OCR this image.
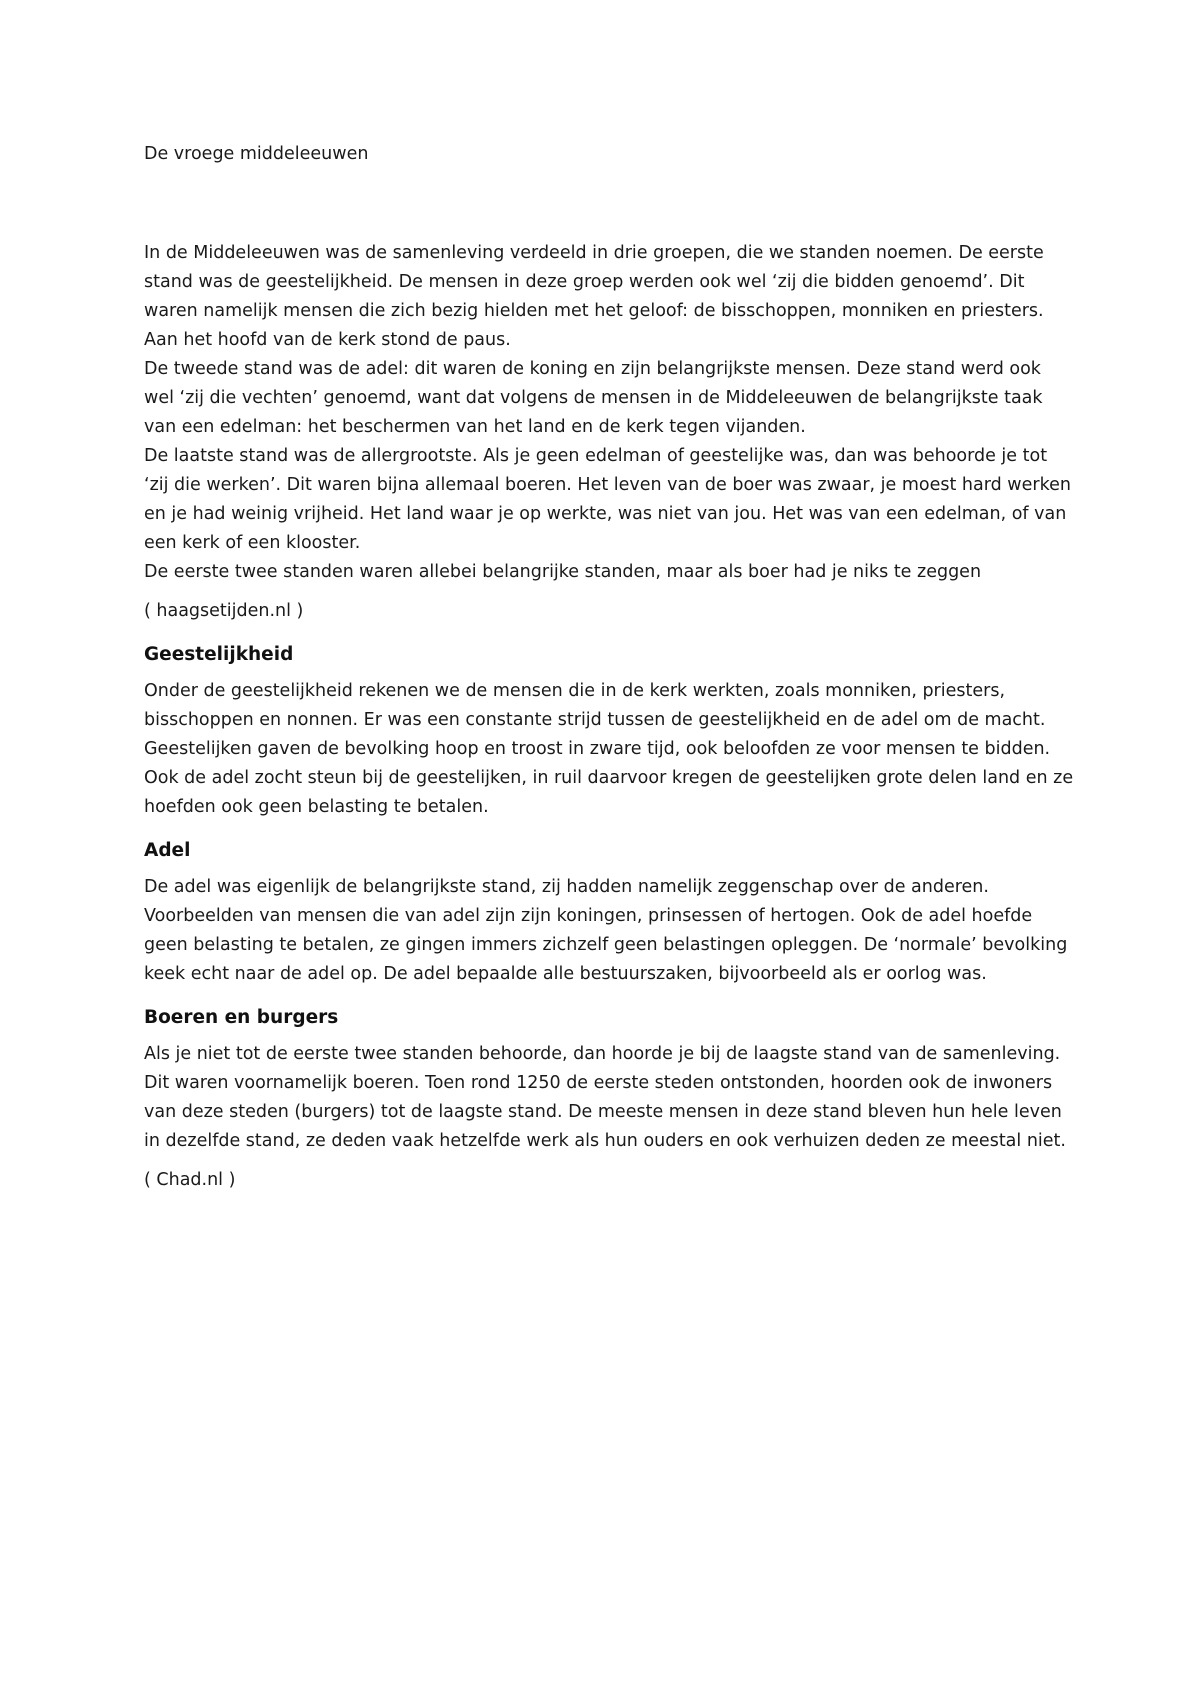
De vroege middeleeuwen

In de Middeleeuwen was de samenleving verdeeld in drie groepen, die we standen noemen. De eerste stand was de geestelijkheid. De mensen in deze groep werden ook wel ‘zij die bidden genoemd’. Dit waren namelijk mensen die zich bezig hielden met het geloof: de bisschoppen, monniken en priesters. Aan het hoofd van de kerk stond de paus.

De tweede stand was de adel: dit waren de koning en zijn belangrijkste mensen. Deze stand werd ook wel ‘zij die vechten’ genoemd, want dat volgens de mensen in de Middeleeuwen de belangrijkste taak van een edelman: het beschermen van het land en de kerk tegen vijanden.

De laatste stand was de allergrootste. Als je geen edelman of geestelijke was, dan was behoorde je tot ‘zij die werken’. Dit waren bijna allemaal boeren. Het leven van de boer was zwaar, je moest hard werken en je had weinig vrijheid. Het land waar je op werkte, was niet van jou. Het was van een edelman, of van een kerk of een klooster.

De eerste twee standen waren allebei belangrijke standen, maar als boer had je niks te zeggen

( haagsetijden.nl )

Geestelijkheid

Onder de geestelijkheid rekenen we de mensen die in de kerk werkten, zoals monniken, priesters, bisschoppen en nonnen. Er was een constante strijd tussen de geestelijkheid en de adel om de macht. Geestelijken gaven de bevolking hoop en troost in zware tijd, ook beloofden ze voor mensen te bidden. Ook de adel zocht steun bij de geestelijken, in ruil daarvoor kregen de geestelijken grote delen land en ze hoefden ook geen belasting te betalen.

Adel

De adel was eigenlijk de belangrijkste stand, zij hadden namelijk zeggenschap over de anderen. Voorbeelden van mensen die van adel zijn zijn koningen, prinsessen of hertogen. Ook de adel hoefde geen belasting te betalen, ze gingen immers zichzelf geen belastingen opleggen. De ‘normale’ bevolking keek echt naar de adel op. De adel bepaalde alle bestuurszaken, bijvoorbeeld als er oorlog was.

Boeren en burgers

Als je niet tot de eerste twee standen behoorde, dan hoorde je bij de laagste stand van de samenleving. Dit waren voornamelijk boeren. Toen rond 1250 de eerste steden ontstonden, hoorden ook de inwoners van deze steden (burgers) tot de laagste stand. De meeste mensen in deze stand bleven hun hele leven in dezelfde stand, ze deden vaak hetzelfde werk als hun ouders en ook verhuizen deden ze meestal niet.

( Chad.nl )
